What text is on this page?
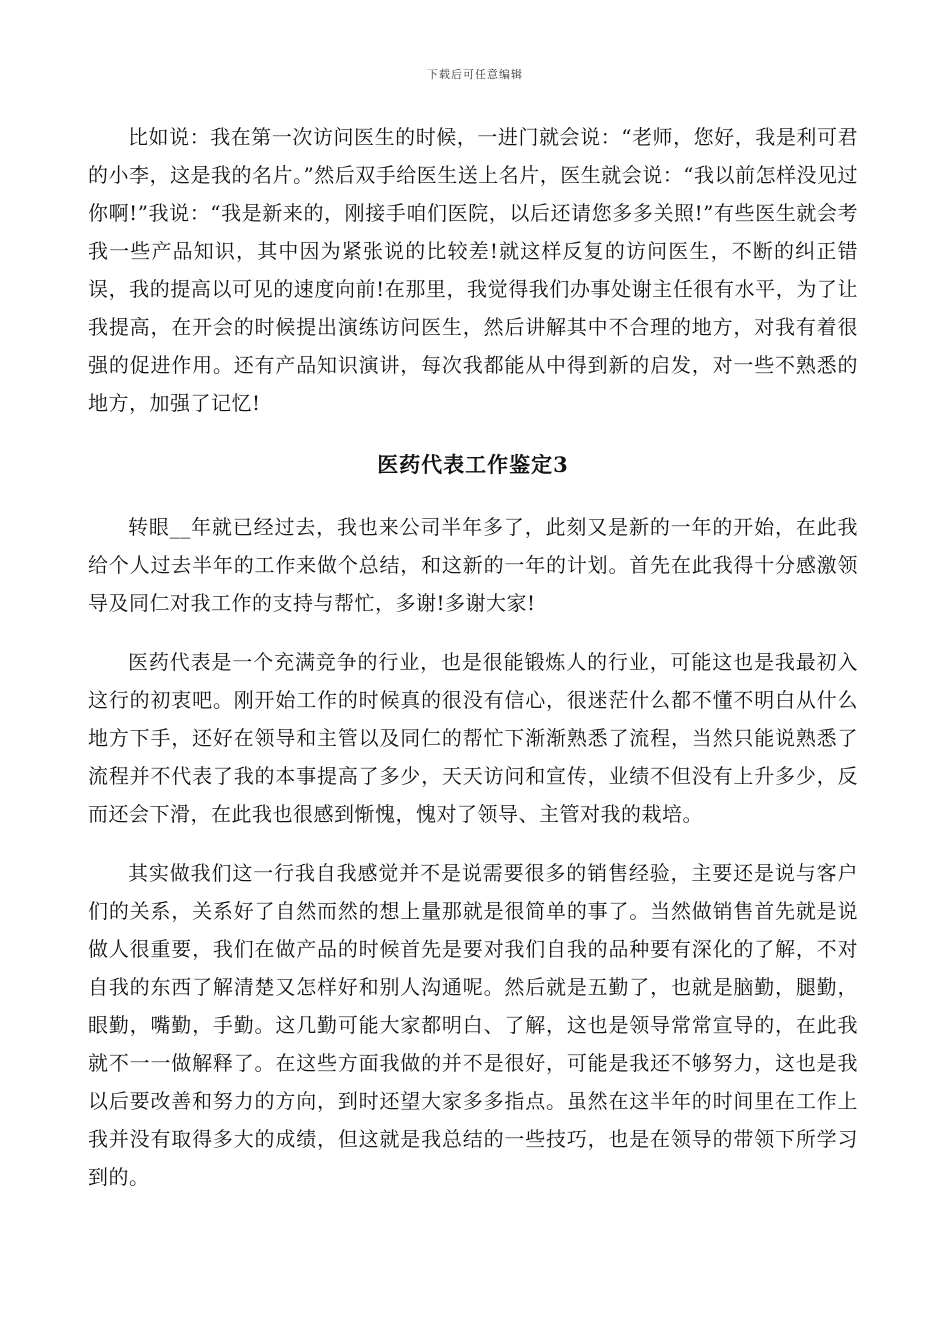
下载后可任意编辑

比如说：我在第一次访问医生的时候，一进门就会说：“老师，您好，我是利可君的小李，这是我的名片。”然后双手给医生送上名片，医生就会说：“我以前怎样没见过你啊!”我说：“我是新来的，刚接手咱们医院，以后还请您多多关照!”有些医生就会考我一些产品知识，其中因为紧张说的比较差!就这样反复的访问医生，不断的纠正错误，我的提高以可见的速度向前!在那里，我觉得我们办事处谢主任很有水平，为了让我提高，在开会的时候提出演练访问医生，然后讲解其中不合理的地方，对我有着很强的促进作用。还有产品知识演讲，每次我都能从中得到新的启发，对一些不熟悉的地方，加强了记忆!

医药代表工作鉴定3

转眼__年就已经过去，我也来公司半年多了，此刻又是新的一年的开始，在此我给个人过去半年的工作来做个总结，和这新的一年的计划。首先在此我得十分感激领导及同仁对我工作的支持与帮忙，多谢!多谢大家!

医药代表是一个充满竞争的行业，也是很能锻炼人的行业，可能这也是我最初入这行的初衷吧。刚开始工作的时候真的很没有信心，很迷茫什么都不懂不明白从什么地方下手，还好在领导和主管以及同仁的帮忙下渐渐熟悉了流程，当然只能说熟悉了流程并不代表了我的本事提高了多少，天天访问和宣传，业绩不但没有上升多少，反而还会下滑，在此我也很感到惭愧，愧对了领导、主管对我的栽培。

其实做我们这一行我自我感觉并不是说需要很多的销售经验，主要还是说与客户们的关系，关系好了自然而然的想上量那就是很简单的事了。当然做销售首先就是说做人很重要，我们在做产品的时候首先是要对我们自我的品种要有深化的了解，不对自我的东西了解清楚又怎样好和别人沟通呢。然后就是五勤了，也就是脑勤，腿勤，眼勤，嘴勤，手勤。这几勤可能大家都明白、了解，这也是领导常常宣导的，在此我就不一一做解释了。在这些方面我做的并不是很好，可能是我还不够努力，这也是我以后要改善和努力的方向，到时还望大家多多指点。虽然在这半年的时间里在工作上我并没有取得多大的成绩，但这就是我总结的一些技巧，也是在领导的带领下所学习到的。
